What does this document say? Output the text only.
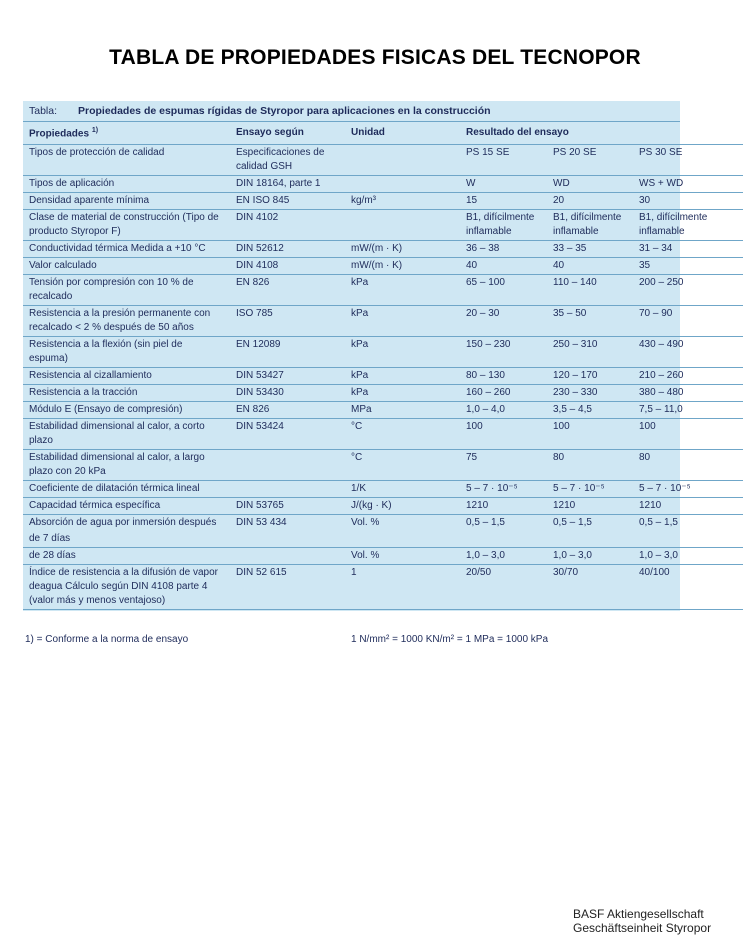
TABLA DE PROPIEDADES FISICAS DEL TECNOPOR
Tabla: Propiedades de espumas rígidas de Styropor para aplicaciones en la construcción
Propiedades $^{1)}$	Ensayo según	Unidad	Resultado del ensayo		
Tipos de protección de calidad	Especificaciones de calidad GSH		PS 15 SE	PS 20 SE	PS 30 SE
Tipos de aplicación	DIN 18164, parte 1		W	WD	WS + WD
Densidad aparente mínima	EN ISO 845	kg/m³	15	20	30
Clase de material de construcción (Tipo de producto Styropor F)	DIN 4102		B1, difícilmente inflamable	B1, difícilmente inflamable	B1, difícilmente inflamable
Conductividad térmica Medida a +10 °C	DIN 52612	mW/(m · K)	36 – 38	33 – 35	31 – 34
Valor calculado	DIN 4108	mW/(m · K)	40	40	35
Tensión por compresión con 10 % de recalcado	EN 826	kPa	65 – 100	110 – 140	200 – 250
Resistencia a la presión permanente con recalcado < 2 % después de 50 años	ISO 785	kPa	20 – 30	35 – 50	70 – 90
Resistencia a la flexión (sin piel de espuma)	EN 12089	kPa	150 – 230	250 – 310	430 – 490
Resistencia al cizallamiento	DIN 53427	kPa	80 – 130	120 – 170	210 – 260
Resistencia a la tracción	DIN 53430	kPa	160 – 260	230 – 330	380 – 480
Módulo E (Ensayo de compresión)	EN 826	MPa	1,0 – 4,0	3,5 – 4,5	7,5 – 11,0
Estabilidad dimensional al calor, a corto plazo	DIN 53424	°C	100	100	100
Estabilidad dimensional al calor, a largo plazo con 20 kPa		°C	75	80	80
Coeficiente de dilatación térmica lineal		1/K	5 – 7 · 10⁻⁵	5 – 7 · 10⁻⁵	5 – 7 · 10⁻⁵
Capacidad térmica específica	DIN 53765	J/(kg · K)	1210	1210	1210
Absorción de agua por inmersión después	DIN 53 434	Vol. %	0,5 – 1,5	0,5 – 1,5	0,5 – 1,5
de 7 días					
de 28 días		Vol. %	1,0 – 3,0	1,0 – 3,0	1,0 – 3,0
Índice de resistencia a la difusión de vapor deagua Cálculo según DIN 4108 parte 4 (valor más y menos ventajoso)	DIN 52 615	1	20/50	30/70	40/100
1) = Conforme a la norma de ensayo	1 N/mm² = 1000 KN/m² = 1 MPa = 1000 kPa
BASF Aktiengesellschaft
Geschäftseinheit Styropor
